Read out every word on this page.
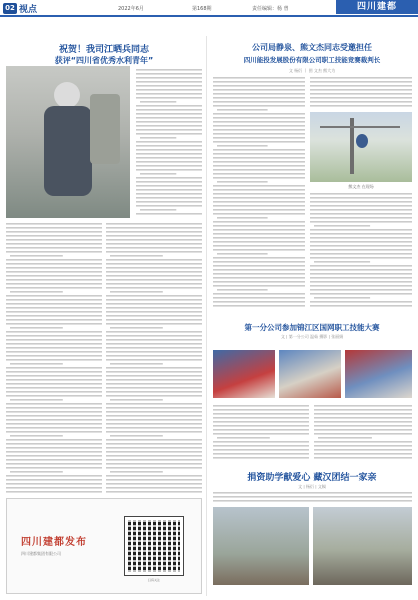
02 视点	2022年6月	第168期	责任编辑：杨 曾	四川建都
祝贺！我司江晒兵同志
获评“四川省优秀水利青年”
四川建都发布
四川建都集团有限公司
扫码关注
公司局静泉、熊文杰同志受邀担任
四川能投发展股份有限公司职工技能竞赛裁判长
文 杨衍 丨 图 文杰 熊大为
熊文杰 在现场
第一分公司参加锦江区国网职工技能大赛
文 | 第一分公司 温茹 摄影 | 张丽娟
捐资助学献爱心 藏汉团结一家亲
文 | 杨衍 | 文稿
